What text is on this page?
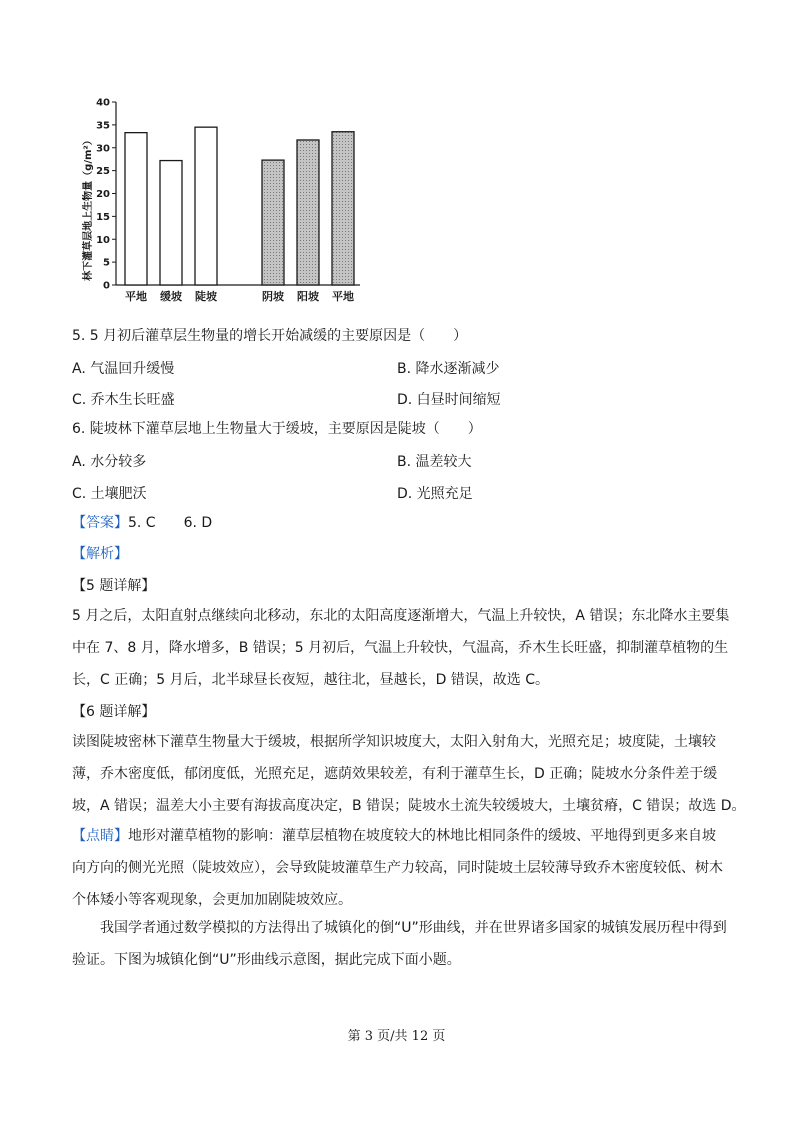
林下灌草层地上生物量（g/m²）
0
5
10
15
20
25
30
35
40
平地 缓坡 陡坡	阴坡 阳坡 平地
5. 5 月初后灌草层生物量的增长开始减缓的主要原因是（　　）
A. 气温回升缓慢	B. 降水逐渐减少
C. 乔木生长旺盛	D. 白昼时间缩短
6. 陡坡林下灌草层地上生物量大于缓坡，主要原因是陡坡（　　）
A. 水分较多	B. 温差较大
C. 土壤肥沃	D. 光照充足
【答案】5. C　　6. D
【解析】
【5 题详解】
5 月之后，太阳直射点继续向北移动，东北的太阳高度逐渐增大，气温上升较快，A 错误；东北降水主要集
中在 7、8 月，降水增多，B 错误；5 月初后，气温上升较快，气温高，乔木生长旺盛，抑制灌草植物的生
长，C 正确；5 月后，北半球昼长夜短，越往北，昼越长，D 错误，故选 C。
【6 题详解】
读图陡坡密林下灌草生物量大于缓坡，根据所学知识坡度大，太阳入射角大，光照充足；坡度陡，土壤较
薄，乔木密度低，郁闭度低，光照充足，遮荫效果较差，有利于灌草生长，D 正确；陡坡水分条件差于缓
坡，A 错误；温差大小主要有海拔高度决定，B 错误；陡坡水土流失较缓坡大，土壤贫瘠，C 错误；故选 D。
【点睛】地形对灌草植物的影响：灌草层植物在坡度较大的林地比相同条件的缓坡、平地得到更多来自坡
向方向的侧光光照（陡坡效应），会导致陡坡灌草生产力较高，同时陡坡土层较薄导致乔木密度较低、树木
个体矮小等客观现象，会更加加剧陡坡效应。
我国学者通过数学模拟的方法得出了城镇化的倒“U”形曲线，并在世界诸多国家的城镇发展历程中得到
验证。下图为城镇化倒“U”形曲线示意图，据此完成下面小题。
第 3 页/共 12 页
